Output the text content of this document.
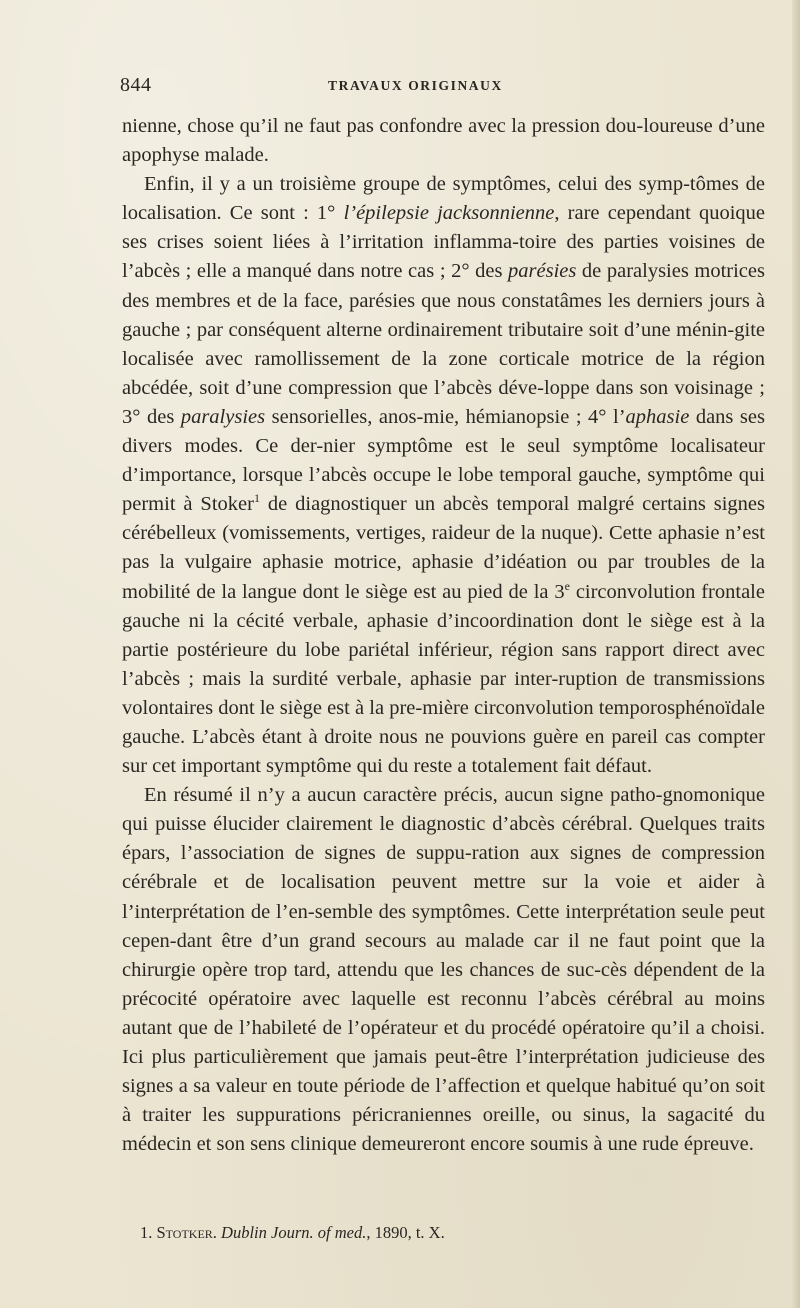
844	TRAVAUX ORIGINAUX

nienne, chose qu’il ne faut pas confondre avec la pression dou-loureuse d’une apophyse malade.

Enfin, il y a un troisième groupe de symptômes, celui des symp-tômes de localisation. Ce sont : 1° l’épilepsie jacksonnienne, rare cependant quoique ses crises soient liées à l’irritation inflamma-toire des parties voisines de l’abcès ; elle a manqué dans notre cas ; 2° des parésies de paralysies motrices des membres et de la face, parésies que nous constatâmes les derniers jours à gauche ; par conséquent alterne ordinairement tributaire soit d’une ménin-gite localisée avec ramollissement de la zone corticale motrice de la région abcédée, soit d’une compression que l’abcès déve-loppe dans son voisinage ; 3° des paralysies sensorielles, anos-mie, hémianopsie ; 4° l’aphasie dans ses divers modes. Ce der-nier symptôme est le seul symptôme localisateur d’importance, lorsque l’abcès occupe le lobe temporal gauche, symptôme qui permit à Stoker$^1$ de diagnostiquer un abcès temporal malgré certains signes cérébelleux (vomissements, vertiges, raideur de la nuque). Cette aphasie n’est pas la vulgaire aphasie motrice, aphasie d’idéation ou par troubles de la mobilité de la langue dont le siège est au pied de la 3e circonvolution frontale gauche ni la cécité verbale, aphasie d’incoordination dont le siège est à la partie postérieure du lobe pariétal inférieur, région sans rapport direct avec l’abcès ; mais la surdité verbale, aphasie par inter-ruption de transmissions volontaires dont le siège est à la pre-mière circonvolution temporosphénoïdale gauche. L’abcès étant à droite nous ne pouvions guère en pareil cas compter sur cet important symptôme qui du reste a totalement fait défaut.

En résumé il n’y a aucun caractère précis, aucun signe patho-gnomonique qui puisse élucider clairement le diagnostic d’abcès cérébral. Quelques traits épars, l’association de signes de suppu-ration aux signes de compression cérébrale et de localisation peuvent mettre sur la voie et aider à l’interprétation de l’en-semble des symptômes. Cette interprétation seule peut cepen-dant être d’un grand secours au malade car il ne faut point que la chirurgie opère trop tard, attendu que les chances de suc-cès dépendent de la précocité opératoire avec laquelle est reconnu l’abcès cérébral au moins autant que de l’habileté de l’opérateur et du procédé opératoire qu’il a choisi. Ici plus particulièrement que jamais peut-être l’interprétation judicieuse des signes a sa valeur en toute période de l’affection et quelque habitué qu’on soit à traiter les suppurations péricraniennes oreille, ou sinus, la sagacité du médecin et son sens clinique demeureront encore soumis à une rude épreuve.

1. Stotker. Dublin Journ. of med., 1890, t. X.
